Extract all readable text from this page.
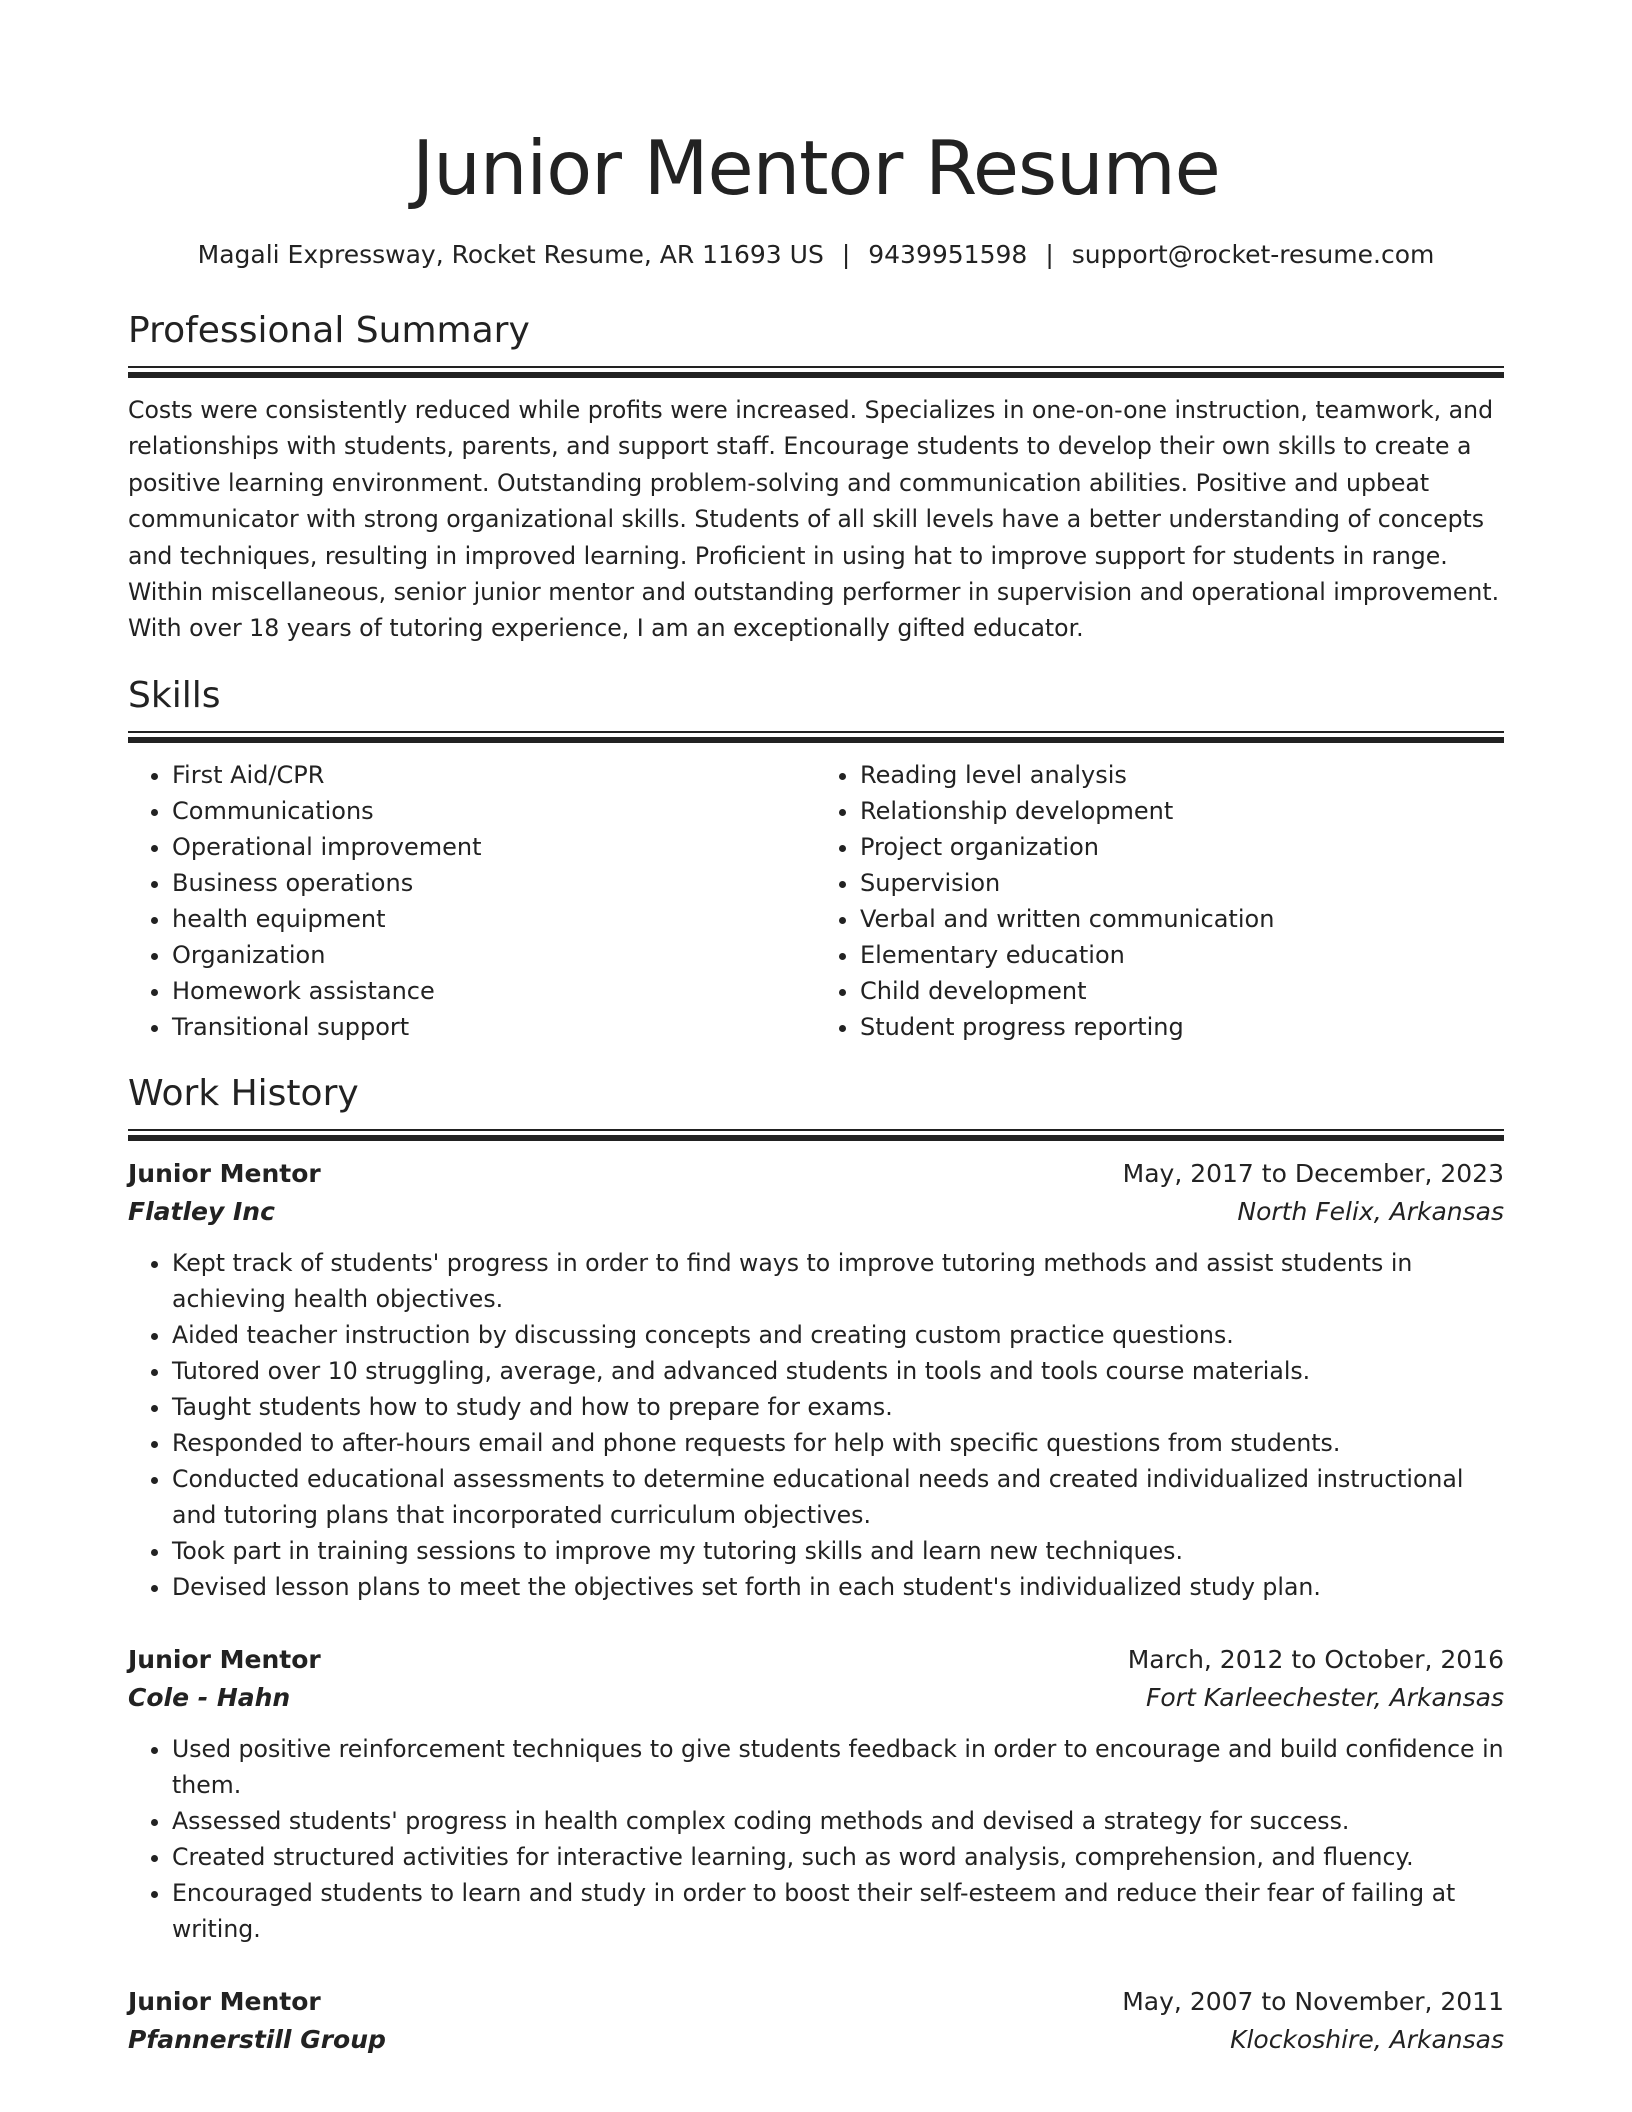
Junior Mentor Resume
Magali Expressway, Rocket Resume, AR 11693 US | 9439951598 | support@rocket-resume.com
Professional Summary
Costs were consistently reduced while profits were increased. Specializes in one-on-one instruction, teamwork, and relationships with students, parents, and support staff. Encourage students to develop their own skills to create a positive learning environment. Outstanding problem-solving and communication abilities. Positive and upbeat communicator with strong organizational skills. Students of all skill levels have a better understanding of concepts and techniques, resulting in improved learning. Proficient in using hat to improve support for students in range. Within miscellaneous, senior junior mentor and outstanding performer in supervision and operational improvement. With over 18 years of tutoring experience, I am an exceptionally gifted educator.
Skills
• First Aid/CPR
• Communications
• Operational improvement
• Business operations
• health equipment
• Organization
• Homework assistance
• Transitional support
• Reading level analysis
• Relationship development
• Project organization
• Supervision
• Verbal and written communication
• Elementary education
• Child development
• Student progress reporting
Work History
Junior Mentor	May, 2017 to December, 2023
Flatley Inc	North Felix, Arkansas
• Kept track of students' progress in order to find ways to improve tutoring methods and assist students in achieving health objectives.
• Aided teacher instruction by discussing concepts and creating custom practice questions.
• Tutored over 10 struggling, average, and advanced students in tools and tools course materials.
• Taught students how to study and how to prepare for exams.
• Responded to after-hours email and phone requests for help with specific questions from students.
• Conducted educational assessments to determine educational needs and created individualized instructional and tutoring plans that incorporated curriculum objectives.
• Took part in training sessions to improve my tutoring skills and learn new techniques.
• Devised lesson plans to meet the objectives set forth in each student's individualized study plan.
Junior Mentor	March, 2012 to October, 2016
Cole - Hahn	Fort Karleechester, Arkansas
• Used positive reinforcement techniques to give students feedback in order to encourage and build confidence in them.
• Assessed students' progress in health complex coding methods and devised a strategy for success.
• Created structured activities for interactive learning, such as word analysis, comprehension, and fluency.
• Encouraged students to learn and study in order to boost their self-esteem and reduce their fear of failing at writing.
Junior Mentor	May, 2007 to November, 2011
Pfannerstill Group	Klockoshire, Arkansas
